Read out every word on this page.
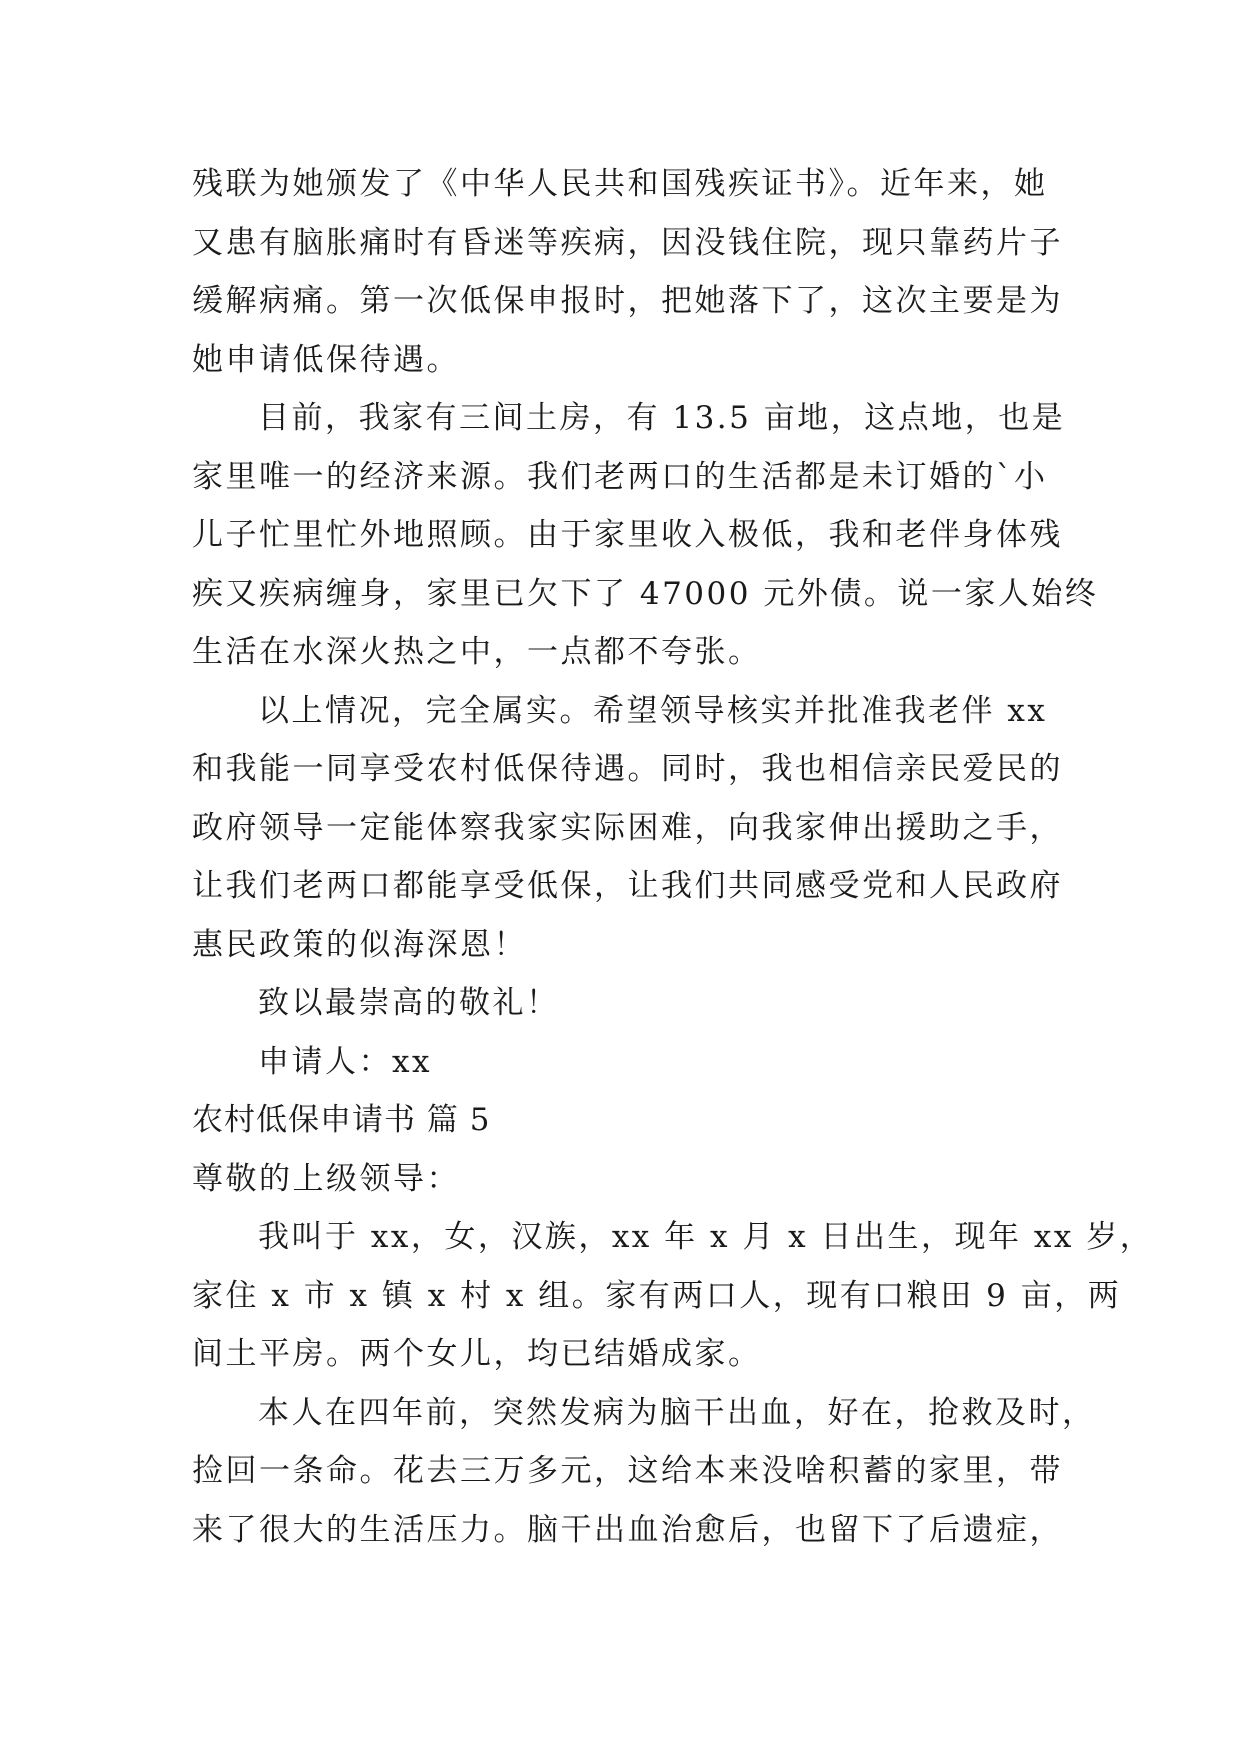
残联为她颁发了《中华人民共和国残疾证书》。近年来，她
又患有脑胀痛时有昏迷等疾病，因没钱住院，现只靠药片子
缓解病痛。第一次低保申报时，把她落下了，这次主要是为
她申请低保待遇。
目前，我家有三间土房，有 13.5 亩地，这点地，也是
家里唯一的经济来源。我们老两口的生活都是未订婚的`小
儿子忙里忙外地照顾。由于家里收入极低，我和老伴身体残
疾又疾病缠身，家里已欠下了 47000 元外债。说一家人始终
生活在水深火热之中，一点都不夸张。
以上情况，完全属实。希望领导核实并批准我老伴 xx
和我能一同享受农村低保待遇。同时，我也相信亲民爱民的
政府领导一定能体察我家实际困难，向我家伸出援助之手，
让我们老两口都能享受低保，让我们共同感受党和人民政府
惠民政策的似海深恩！
致以最崇高的敬礼！
申请人：xx
农村低保申请书 篇 5
尊敬的上级领导：
我叫于 xx，女，汉族，xx 年 x 月 x 日出生，现年 xx 岁，
家住 x 市 x 镇 x 村 x 组。家有两口人，现有口粮田 9 亩，两
间土平房。两个女儿，均已结婚成家。
本人在四年前，突然发病为脑干出血，好在，抢救及时，
捡回一条命。花去三万多元，这给本来没啥积蓄的家里，带
来了很大的生活压力。脑干出血治愈后，也留下了后遗症，
